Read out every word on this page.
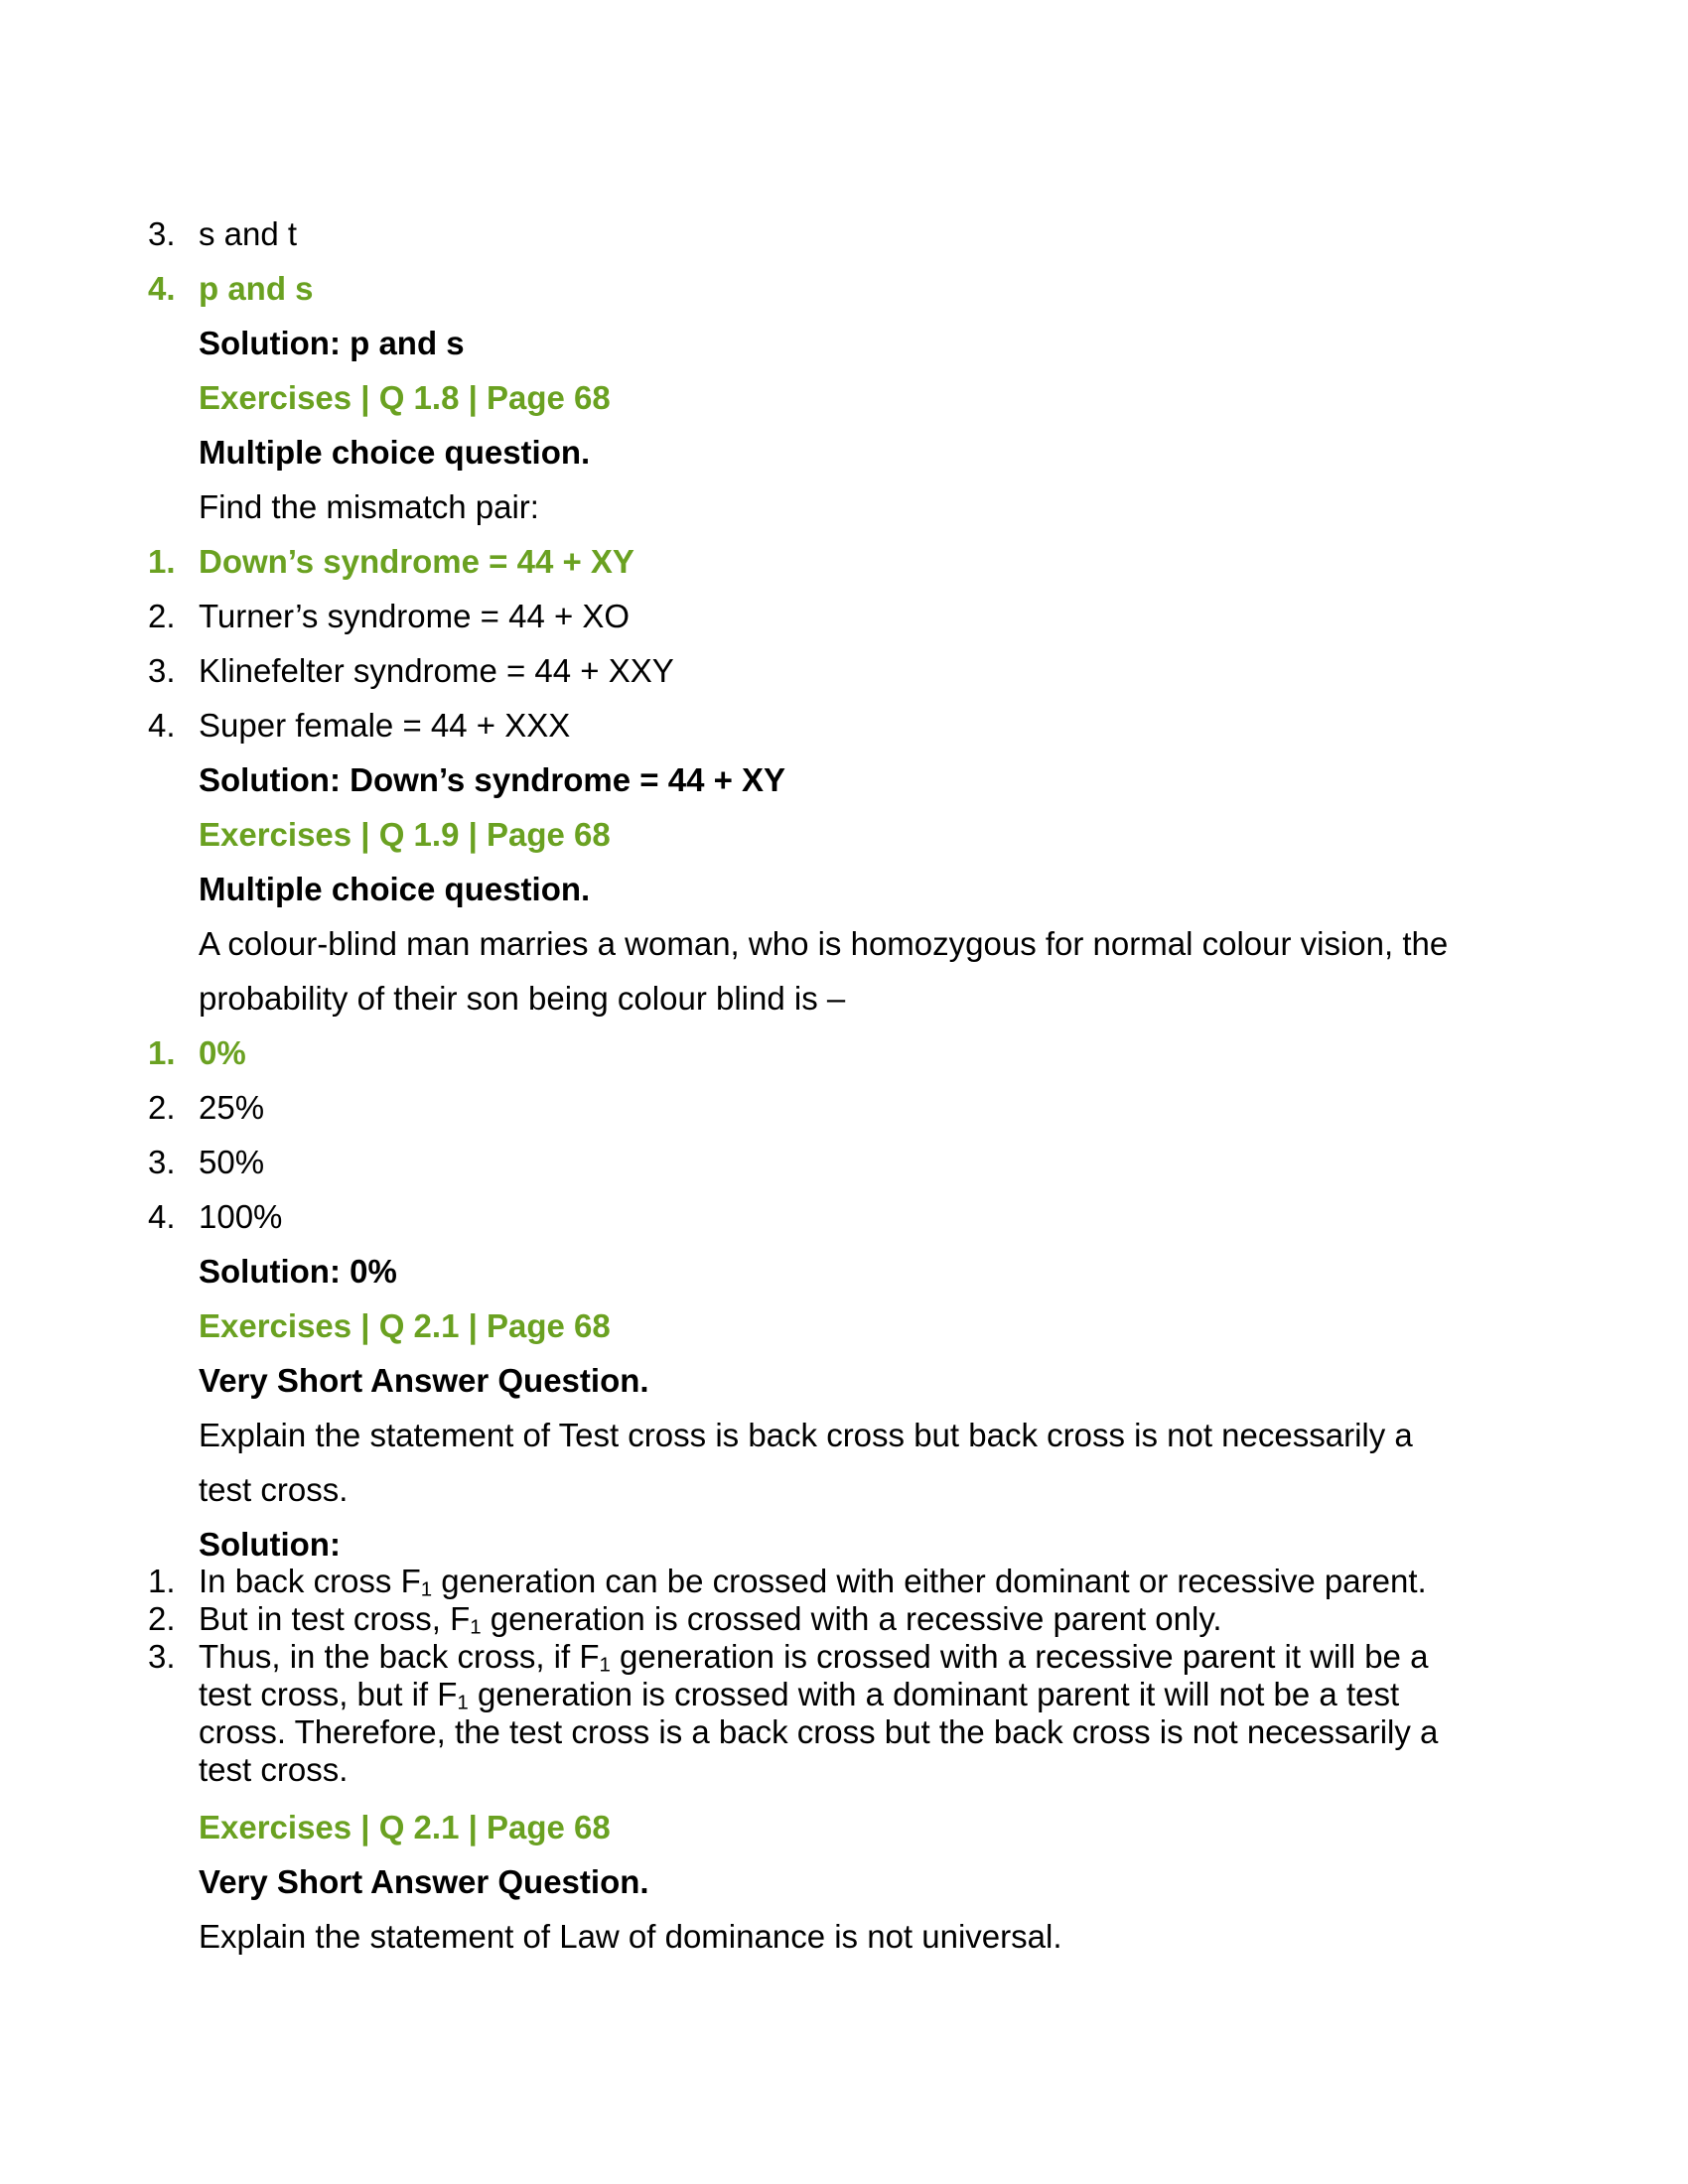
3. s and t
4. p and s
Solution: p and s
Exercises | Q 1.8 | Page 68
Multiple choice question.
Find the mismatch pair:
1. Down’s syndrome = 44 + XY
2. Turner’s syndrome = 44 + XO
3. Klinefelter syndrome = 44 + XXY
4. Super female = 44 + XXX
Solution: Down’s syndrome = 44 + XY
Exercises | Q 1.9 | Page 68
Multiple choice question.
A colour-blind man marries a woman, who is homozygous for normal colour vision, the
probability of their son being colour blind is –
1. 0%
2. 25%
3. 50%
4. 100%
Solution: 0%
Exercises | Q 2.1 | Page 68
Very Short Answer Question.
Explain the statement of Test cross is back cross but back cross is not necessarily a
test cross.
Solution:
1. In back cross $F_1$ generation can be crossed with either dominant or recessive parent.
2. But in test cross, $F_1$ generation is crossed with a recessive parent only.
3. Thus, in the back cross, if $F_1$ generation is crossed with a recessive parent it will be a
test cross, but if $F_1$ generation is crossed with a dominant parent it will not be a test
cross. Therefore, the test cross is a back cross but the back cross is not necessarily a
test cross.
Exercises | Q 2.1 | Page 68
Very Short Answer Question.
Explain the statement of Law of dominance is not universal.
